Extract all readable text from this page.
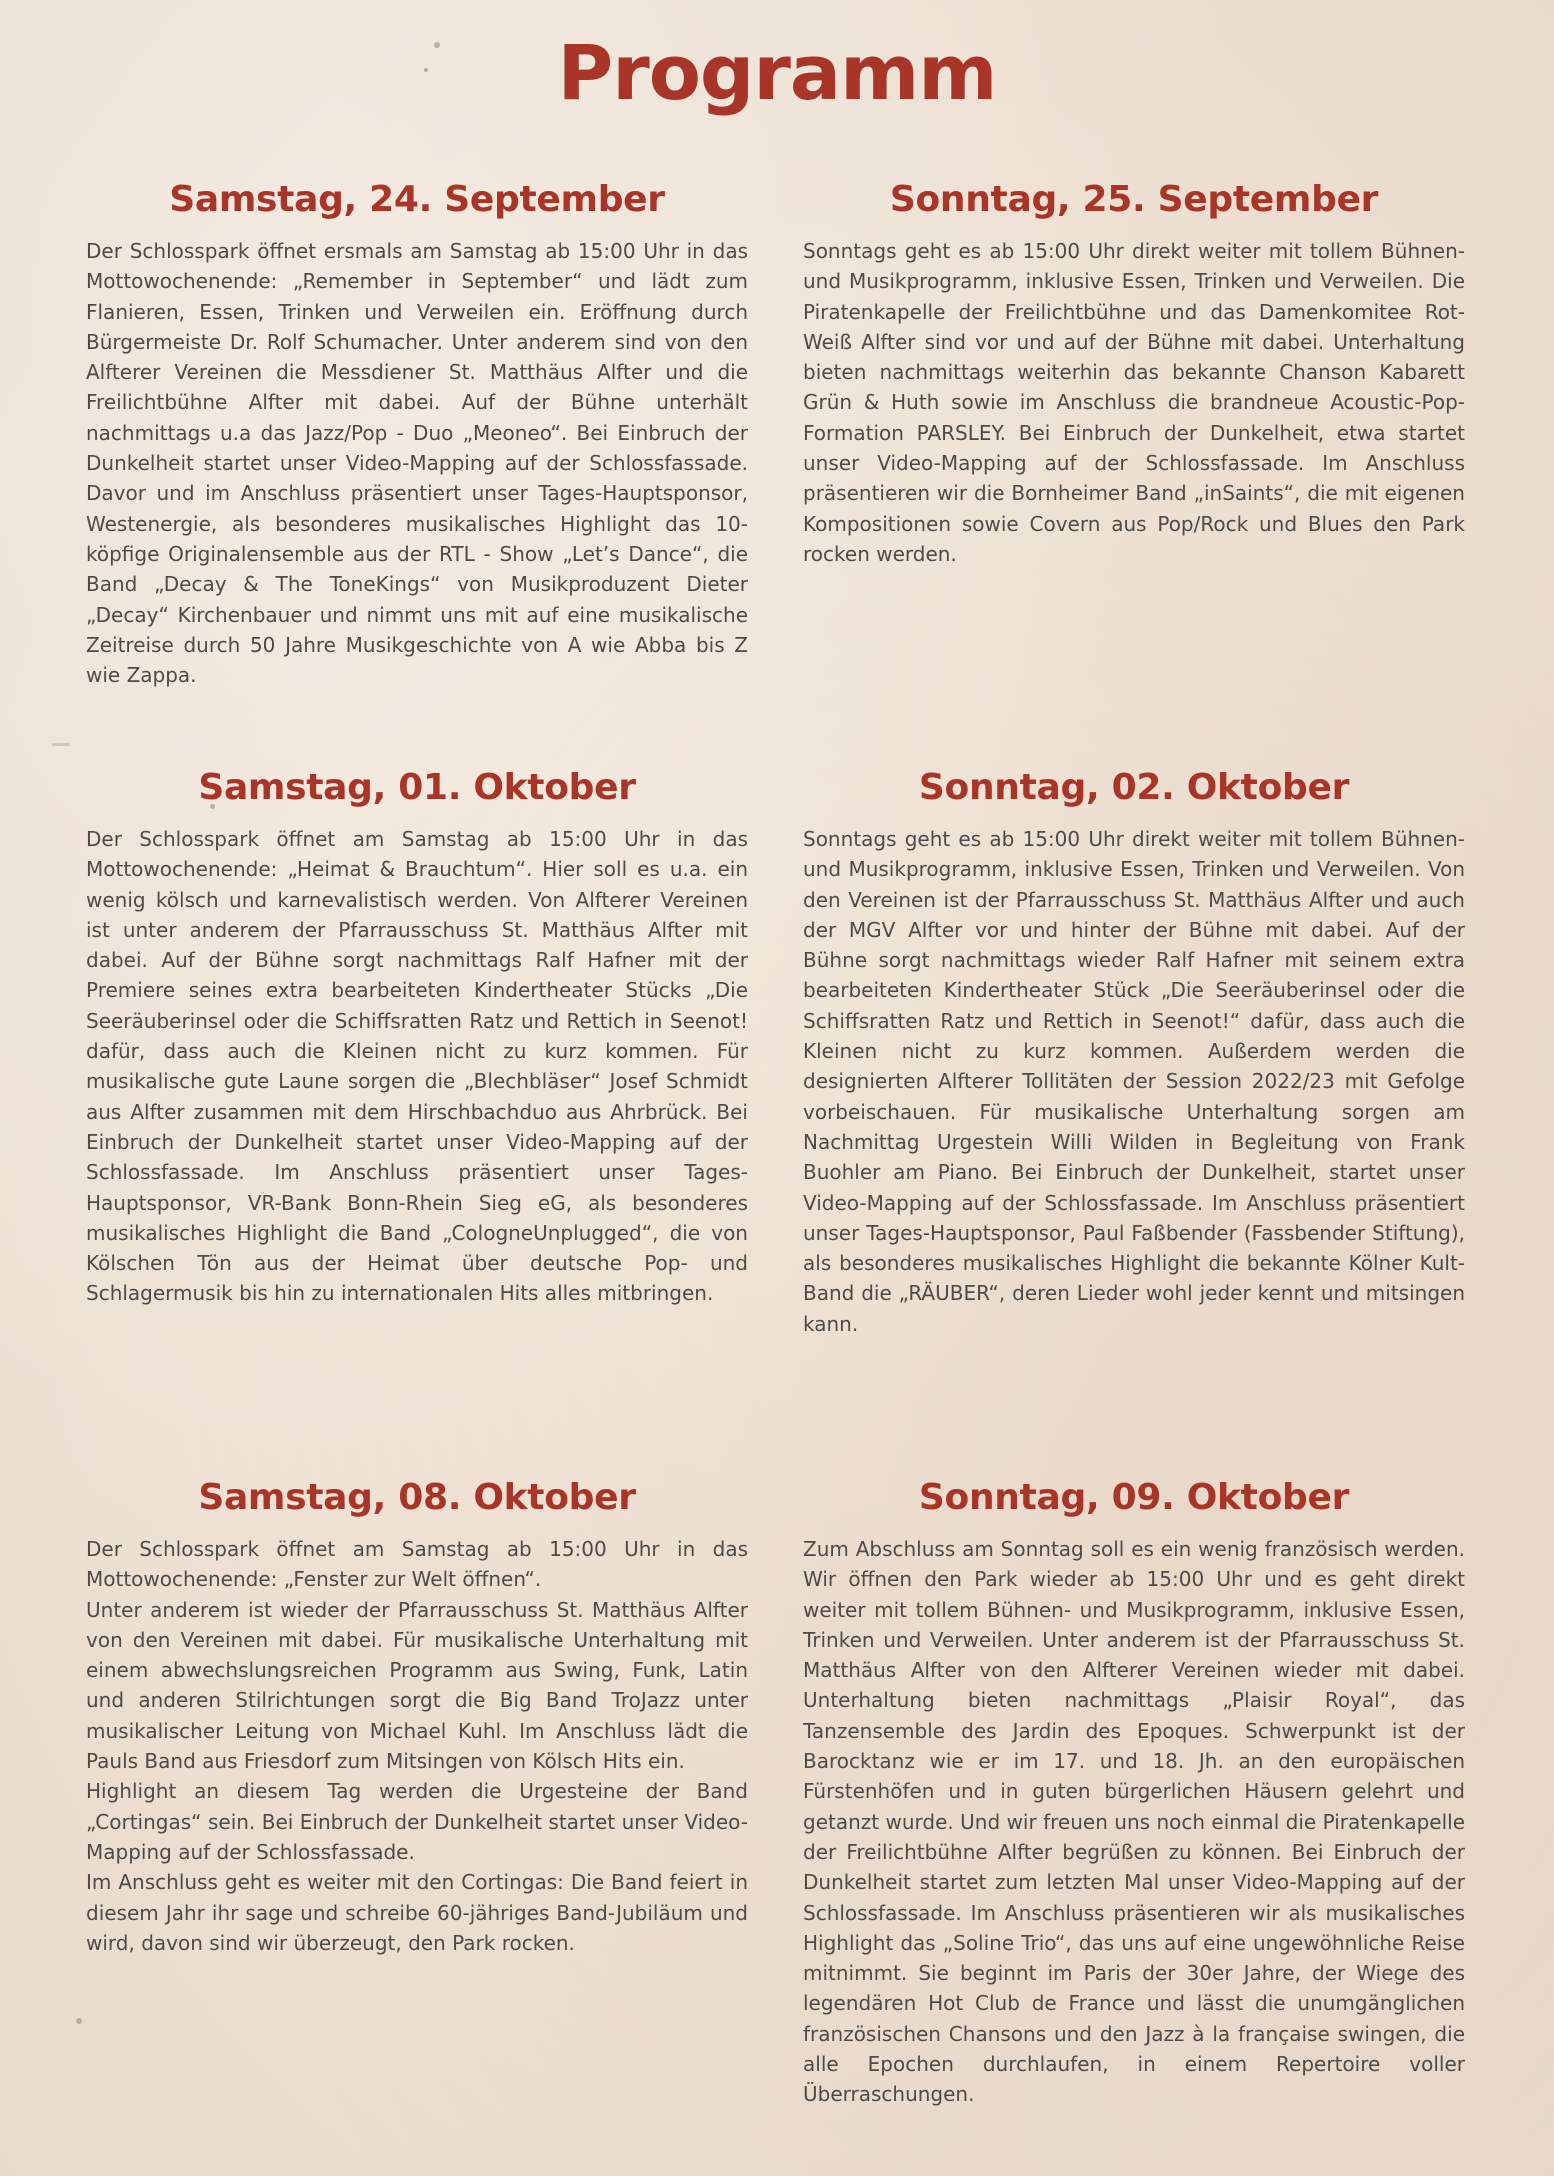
Programm
Samstag, 24. September

Der Schlosspark öffnet ersmals am Samstag ab 15:00 Uhr in das Mottowochenende: „Remember in September“ und lädt zum Flanieren, Essen, Trinken und Verweilen ein. Eröffnung durch Bürgermeiste Dr. Rolf Schumacher. Unter anderem sind von den Alfterer Vereinen die Messdiener St. Matthäus Alfter und die Freilichtbühne Alfter mit dabei. Auf der Bühne unterhält nachmittags u.a das Jazz/Pop - Duo „Meoneo“. Bei Einbruch der Dunkelheit startet unser Video-Mapping auf der Schlossfassade. Davor und im Anschluss präsentiert unser Tages-Hauptsponsor, Westenergie, als besonderes musikalisches Highlight das 10-köpfige Originalensemble aus der RTL - Show „Let’s Dance“, die Band „Decay & The ToneKings“ von Musikproduzent Dieter „Decay“ Kirchenbauer und nimmt uns mit auf eine musikalische Zeitreise durch 50 Jahre Musikgeschichte von A wie Abba bis Z wie Zappa.

Sonntag, 25. September

Sonntags geht es ab 15:00 Uhr direkt weiter mit tollem Bühnen- und Musikprogramm, inklusive Essen, Trinken und Verweilen. Die Piratenkapelle der Freilichtbühne und das Damenkomitee Rot-Weiß Alfter sind vor und auf der Bühne mit dabei. Unterhaltung bieten nachmittags weiterhin das bekannte Chanson Kabarett Grün & Huth sowie im Anschluss die brandneue Acoustic-Pop-Formation PARSLEY. Bei Einbruch der Dunkelheit, etwa startet unser Video-Mapping auf der Schlossfassade. Im Anschluss präsentieren wir die Bornheimer Band „inSaints“, die mit eigenen Kompositionen sowie Covern aus Pop/Rock und Blues den Park rocken werden.

Samstag, 01. Oktober

Der Schlosspark öffnet am Samstag ab 15:00 Uhr in das Mottowochenende: „Heimat & Brauchtum“. Hier soll es u.a. ein wenig kölsch und karnevalistisch werden. Von Alfterer Vereinen ist unter anderem der Pfarrausschuss St. Matthäus Alfter mit dabei. Auf der Bühne sorgt nachmittags Ralf Hafner mit der Premiere seines extra bearbeiteten Kindertheater Stücks „Die Seeräuberinsel oder die Schiffsratten Ratz und Rettich in Seenot! dafür, dass auch die Kleinen nicht zu kurz kommen. Für musikalische gute Laune sorgen die „Blechbläser“ Josef Schmidt aus Alfter zusammen mit dem Hirschbachduo aus Ahrbrück. Bei Einbruch der Dunkelheit startet unser Video-Mapping auf der Schlossfassade. Im Anschluss präsentiert unser Tages-Hauptsponsor, VR-Bank Bonn-Rhein Sieg eG, als besonderes musikalisches Highlight die Band „CologneUnplugged“, die von Kölschen Tön aus der Heimat über deutsche Pop- und Schlagermusik bis hin zu internationalen Hits alles mitbringen.

Sonntag, 02. Oktober

Sonntags geht es ab 15:00 Uhr direkt weiter mit tollem Bühnen- und Musikprogramm, inklusive Essen, Trinken und Verweilen. Von den Vereinen ist der Pfarrausschuss St. Matthäus Alfter und auch der MGV Alfter vor und hinter der Bühne mit dabei. Auf der Bühne sorgt nachmittags wieder Ralf Hafner mit seinem extra bearbeiteten Kindertheater Stück „Die Seeräuberinsel oder die Schiffsratten Ratz und Rettich in Seenot!“ dafür, dass auch die Kleinen nicht zu kurz kommen. Außerdem werden die designierten Alfterer Tollitäten der Session 2022/23 mit Gefolge vorbeischauen. Für musikalische Unterhaltung sorgen am Nachmittag Urgestein Willi Wilden in Begleitung von Frank Buohler am Piano. Bei Einbruch der Dunkelheit, startet unser Video-Mapping auf der Schlossfassade. Im Anschluss präsentiert unser Tages-Hauptsponsor, Paul Faßbender (Fassbender Stiftung), als besonderes musikalisches Highlight die bekannte Kölner Kult-Band die „RÄUBER“, deren Lieder wohl jeder kennt und mitsingen kann.

Samstag, 08. Oktober

Der Schlosspark öffnet am Samstag ab 15:00 Uhr in das Mottowochenende: „Fenster zur Welt öffnen“.
Unter anderem ist wieder der Pfarrausschuss St. Matthäus Alfter von den Vereinen mit dabei. Für musikalische Unterhaltung mit einem abwechslungsreichen Programm aus Swing, Funk, Latin und anderen Stilrichtungen sorgt die Big Band TroJazz unter musikalischer Leitung von Michael Kuhl. Im Anschluss lädt die Pauls Band aus Friesdorf zum Mitsingen von Kölsch Hits ein.
Highlight an diesem Tag werden die Urgesteine der Band „Cortingas“ sein. Bei Einbruch der Dunkelheit startet unser Video-Mapping auf der Schlossfassade.
Im Anschluss geht es weiter mit den Cortingas: Die Band feiert in diesem Jahr ihr sage und schreibe 60-jähriges Band-Jubiläum und wird, davon sind wir überzeugt, den Park rocken.

Sonntag, 09. Oktober

Zum Abschluss am Sonntag soll es ein wenig französisch werden. Wir öffnen den Park wieder ab 15:00 Uhr und es geht direkt weiter mit tollem Bühnen- und Musikprogramm, inklusive Essen, Trinken und Verweilen. Unter anderem ist der Pfarrausschuss St. Matthäus Alfter von den Alfterer Vereinen wieder mit dabei. Unterhaltung bieten nachmittags „Plaisir Royal“, das Tanzensemble des Jardin des Epoques. Schwerpunkt ist der Barocktanz wie er im 17. und 18. Jh. an den europäischen Fürstenhöfen und in guten bürgerlichen Häusern gelehrt und getanzt wurde. Und wir freuen uns noch einmal die Piratenkapelle der Freilichtbühne Alfter begrüßen zu können. Bei Einbruch der Dunkelheit startet zum letzten Mal unser Video-Mapping auf der Schlossfassade. Im Anschluss präsentieren wir als musikalisches Highlight das „Soline Trio“, das uns auf eine ungewöhnliche Reise mitnimmt. Sie beginnt im Paris der 30er Jahre, der Wiege des legendären Hot Club de France und lässt die unumgänglichen französischen Chansons und den Jazz à la française swingen, die alle Epochen durchlaufen, in einem Repertoire voller Überraschungen.
